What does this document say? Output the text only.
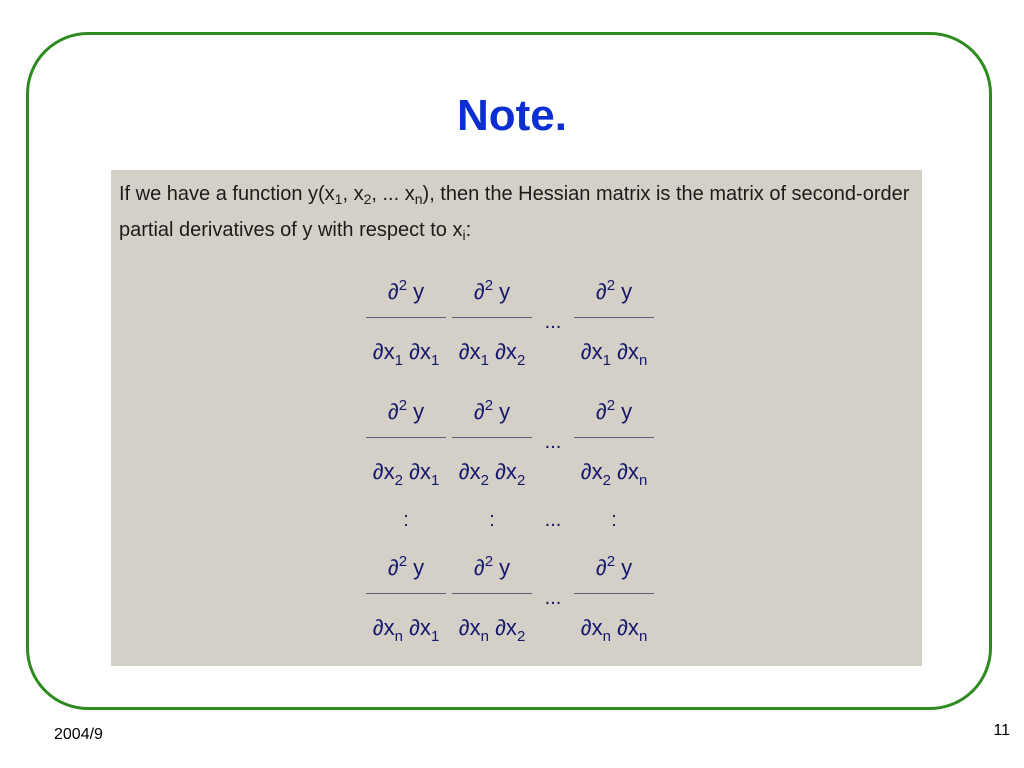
Note.
If we have a function $y(x_1$, $x_2$, ... $x_n$), then the Hessian matrix is the matrix of second-order partial derivatives of y with respect to $x_i$:
$\frac{\partial^2 y}{\partial x_1 \partial x_1} \frac{\partial^2 y}{\partial x_1 \partial x_2}$ ... $\frac{\partial^2 y}{\partial x_1 \partial x_n}$
$\frac{\partial^2 y}{\partial x_2 \partial x_1} \frac{\partial^2 y}{\partial x_2 \partial x_2}$ ... $\frac{\partial^2 y}{\partial x_2 \partial x_n}$
:	:	...	:
$\frac{\partial^2 y}{\partial x_n \partial x_1} \frac{\partial^2 y}{\partial x_n \partial x_2}$ ... $\frac{\partial^2 y}{\partial x_n \partial x_n}$
2004/9	11
